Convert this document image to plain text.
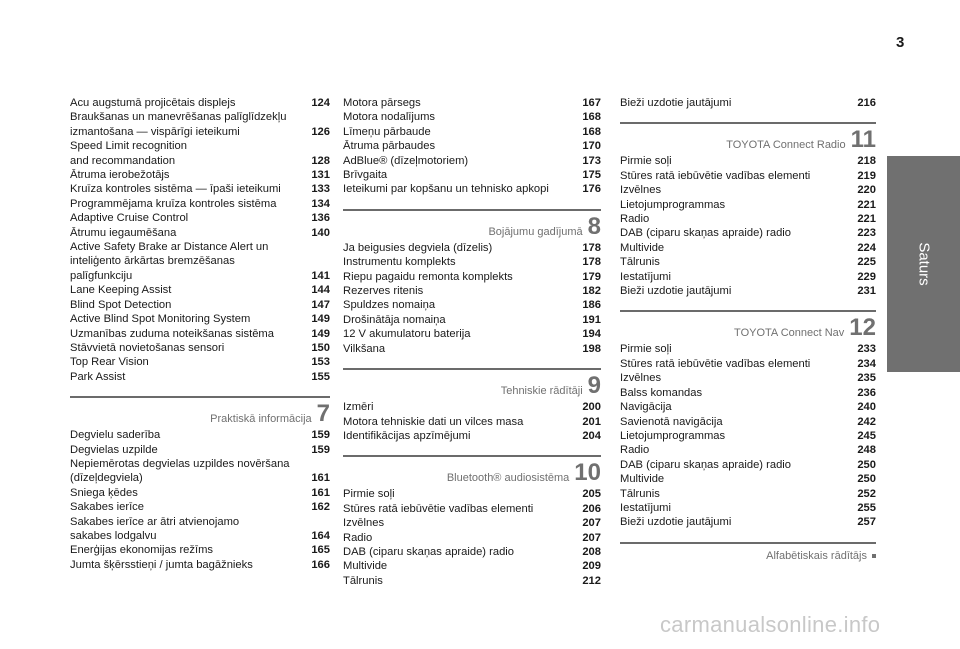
3
Saturs
Acu augstumā projicētais displejs	124
Braukšanas un manevrēšanas palīglīdzekļu
izmantošana — vispārīgi ieteikumi	126
Speed Limit recognition
and recommandation	128
Ātruma ierobežotājs	131
Kruīza kontroles sistēma — īpaši ieteikumi	133
Programmējama kruīza kontroles sistēma	134
Adaptive Cruise Control	136
Ātrumu iegaumēšana	140
Active Safety Brake ar Distance Alert un
inteliģento ārkārtas bremzēšanas
palīgfunkciju	141
Lane Keeping Assist	144
Blind Spot Detection	147
Active Blind Spot Monitoring System	149
Uzmanības zuduma noteikšanas sistēma	149
Stāvvietā novietošanas sensori	150
Top Rear Vision	153
Park Assist	155
Praktiskā informācija 7
Degvielu saderība	159
Degvielas uzpilde	159
Nepiemērotas degvielas uzpildes novēršana
(dīzeļdegviela)	161
Sniega ķēdes	161
Sakabes ierīce	162
Sakabes ierīce ar ātri atvienojamo
sakabes lodgalvu	164
Enerģijas ekonomijas režīms	165
Jumta šķērsstieņi / jumta bagāžnieks	166
Motora pārsegs	167
Motora nodalījums	168
Līmeņu pārbaude	168
Ātruma pārbaudes	170
AdBlue® (dīzeļmotoriem)	173
Brīvgaita	175
Ieteikumi par kopšanu un tehnisko apkopi	176
Bojājumu gadījumā 8
Ja beigusies degviela (dīzelis)	178
Instrumentu komplekts	178
Riepu pagaidu remonta komplekts	179
Rezerves ritenis	182
Spuldzes nomaiņa	186
Drošinātāja nomaiņa	191
12 V akumulatoru baterija	194
Vilkšana	198
Tehniskie rādītāji 9
Izmēri	200
Motora tehniskie dati un vilces masa	201
Identifikācijas apzīmējumi	204
Bluetooth® audiosistēma 10
Pirmie soļi	205
Stūres ratā iebūvētie vadības elementi	206
Izvēlnes	207
Radio	207
DAB (ciparu skaņas apraide) radio	208
Multivide	209
Tālrunis	212
Bieži uzdotie jautājumi	216
TOYOTA Connect Radio 11
Pirmie soļi	218
Stūres ratā iebūvētie vadības elementi	219
Izvēlnes	220
Lietojumprogrammas	221
Radio	221
DAB (ciparu skaņas apraide) radio	223
Multivide	224
Tālrunis	225
Iestatījumi	229
Bieži uzdotie jautājumi	231
TOYOTA Connect Nav 12
Pirmie soļi	233
Stūres ratā iebūvētie vadības elementi	234
Izvēlnes	235
Balss komandas	236
Navigācija	240
Savienotā navigācija	242
Lietojumprogrammas	245
Radio	248
DAB (ciparu skaņas apraide) radio	250
Multivide	250
Tālrunis	252
Iestatījumi	255
Bieži uzdotie jautājumi	257
Alfabētiskais rādītājs
carmanualsonline.info
